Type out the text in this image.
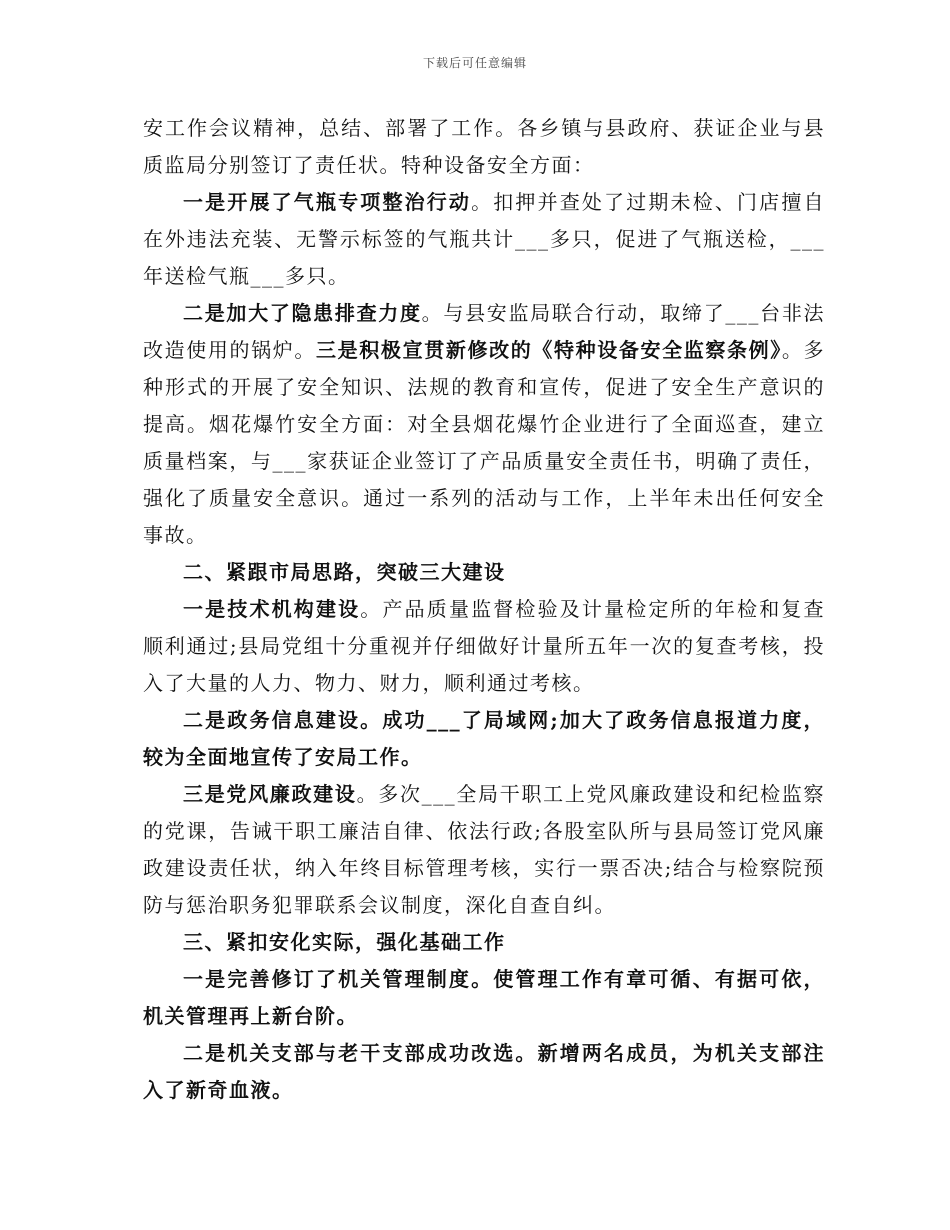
下载后可任意编辑

安工作会议精神，总结、部署了工作。各乡镇与县政府、获证企业与县质监局分别签订了责任状。特种设备安全方面：

一是开展了气瓶专项整治行动。扣押并查处了过期未检、门店擅自在外违法充装、无警示标签的气瓶共计___多只，促进了气瓶送检，___年送检气瓶___多只。

二是加大了隐患排查力度。与县安监局联合行动，取缔了___台非法改造使用的锅炉。三是积极宣贯新修改的《特种设备安全监察条例》。多种形式的开展了安全知识、法规的教育和宣传，促进了安全生产意识的提高。烟花爆竹安全方面：对全县烟花爆竹企业进行了全面巡查，建立质量档案，与___家获证企业签订了产品质量安全责任书，明确了责任，强化了质量安全意识。通过一系列的活动与工作，上半年未出任何安全事故。

二、紧跟市局思路，突破三大建设

一是技术机构建设。产品质量监督检验及计量检定所的年检和复查顺利通过;县局党组十分重视并仔细做好计量所五年一次的复查考核，投入了大量的人力、物力、财力，顺利通过考核。

二是政务信息建设。成功___了局域网;加大了政务信息报道力度，较为全面地宣传了安局工作。

三是党风廉政建设。多次___全局干职工上党风廉政建设和纪检监察的党课，告诫干职工廉洁自律、依法行政;各股室队所与县局签订党风廉政建设责任状，纳入年终目标管理考核，实行一票否决;结合与检察院预防与惩治职务犯罪联系会议制度，深化自查自纠。

三、紧扣安化实际，强化基础工作

一是完善修订了机关管理制度。使管理工作有章可循、有据可依，机关管理再上新台阶。

二是机关支部与老干支部成功改选。新增两名成员，为机关支部注入了新奇血液。
